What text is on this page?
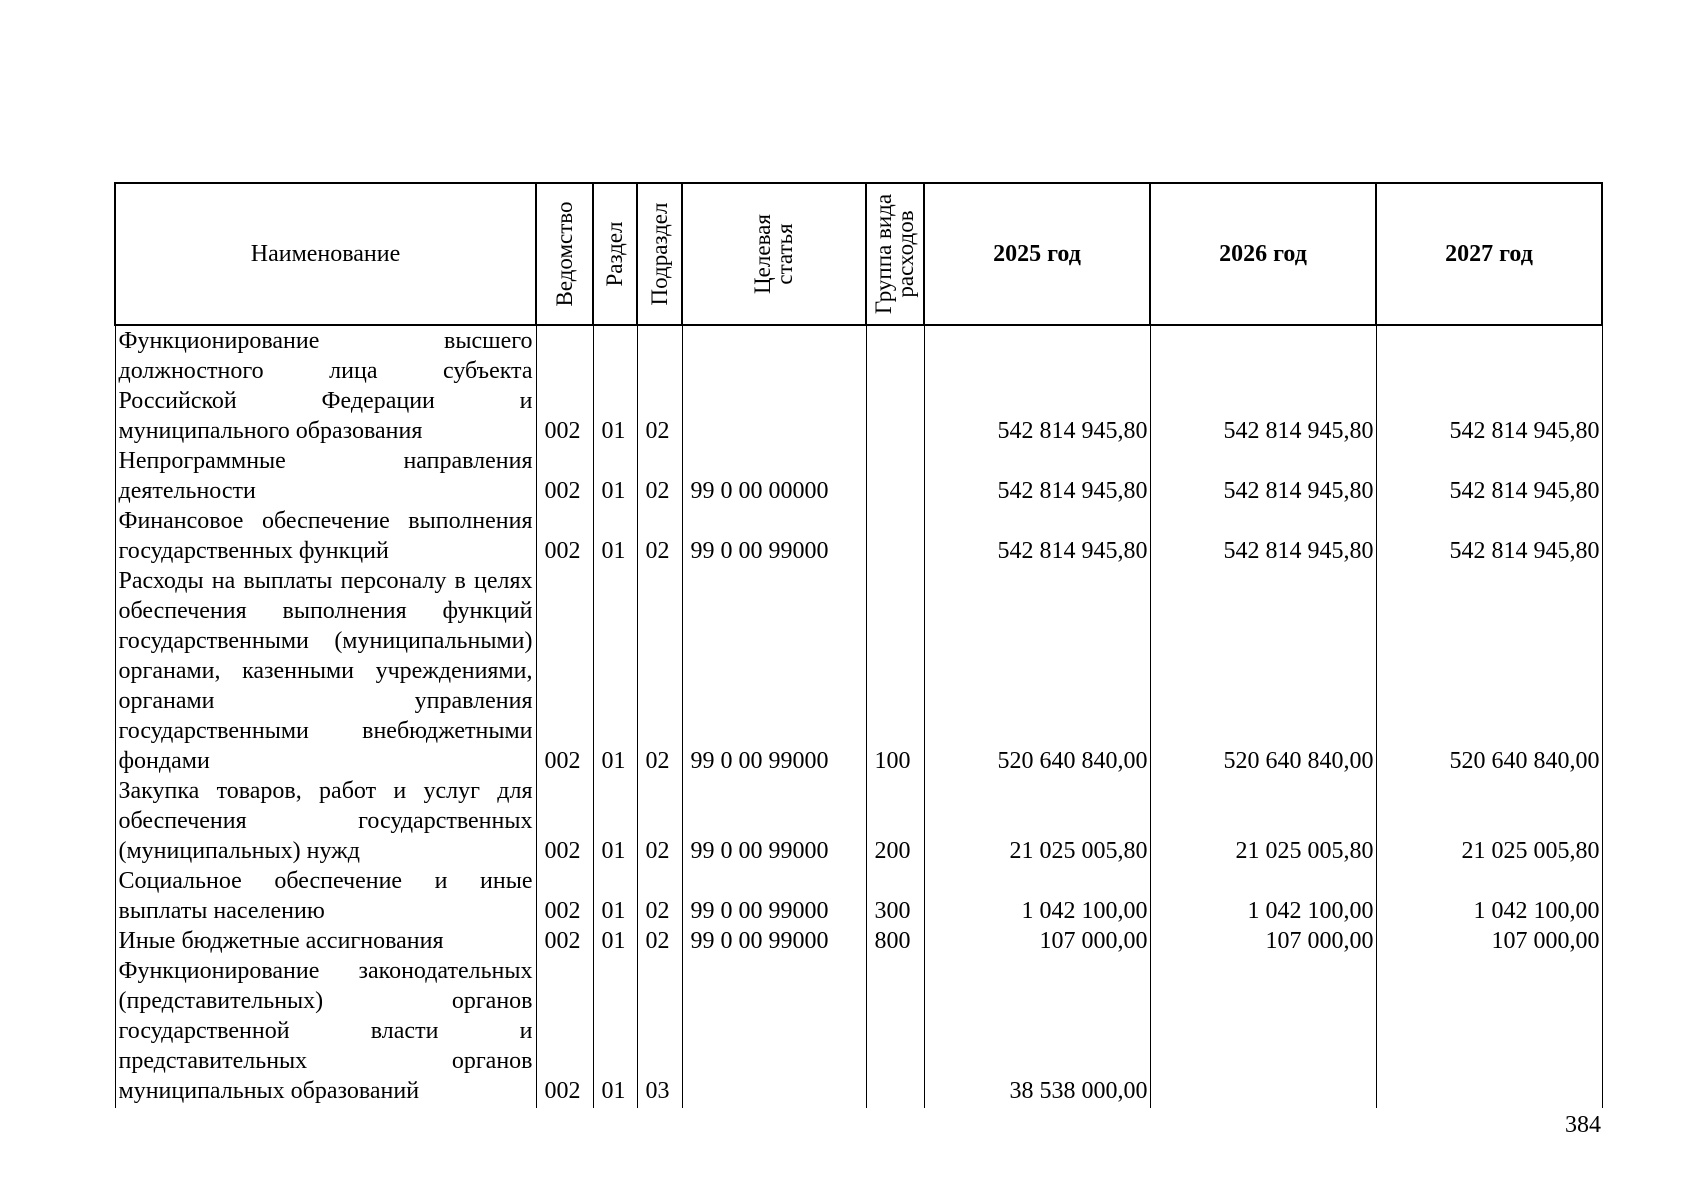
Наименование	Ведомство	Раздел	Подраздел	Целевая статья	Группа вида расходов	2025 год	2026 год	2027 год
Функционирование высшего должностного лица субъекта Российской Федерации и муниципального образования	002	01	02			542 814 945,80	542 814 945,80	542 814 945,80
Непрограммные направления деятельности	002	01	02	99 0 00 00000		542 814 945,80	542 814 945,80	542 814 945,80
Финансовое обеспечение выполнения государственных функций	002	01	02	99 0 00 99000		542 814 945,80	542 814 945,80	542 814 945,80
Расходы на выплаты персоналу в целях обеспечения выполнения функций государственными (муниципальными) органами, казенными учреждениями, органами управления государственными внебюджетными фондами	002	01	02	99 0 00 99000	100	520 640 840,00	520 640 840,00	520 640 840,00
Закупка товаров, работ и услуг для обеспечения государственных (муниципальных) нужд	002	01	02	99 0 00 99000	200	21 025 005,80	21 025 005,80	21 025 005,80
Социальное обеспечение и иные выплаты населению	002	01	02	99 0 00 99000	300	1 042 100,00	1 042 100,00	1 042 100,00
Иные бюджетные ассигнования	002	01	02	99 0 00 99000	800	107 000,00	107 000,00	107 000,00
Функционирование законодательных (представительных) органов государственной власти и представительных органов муниципальных образований	002	01	03			38 538 000,00		
384
